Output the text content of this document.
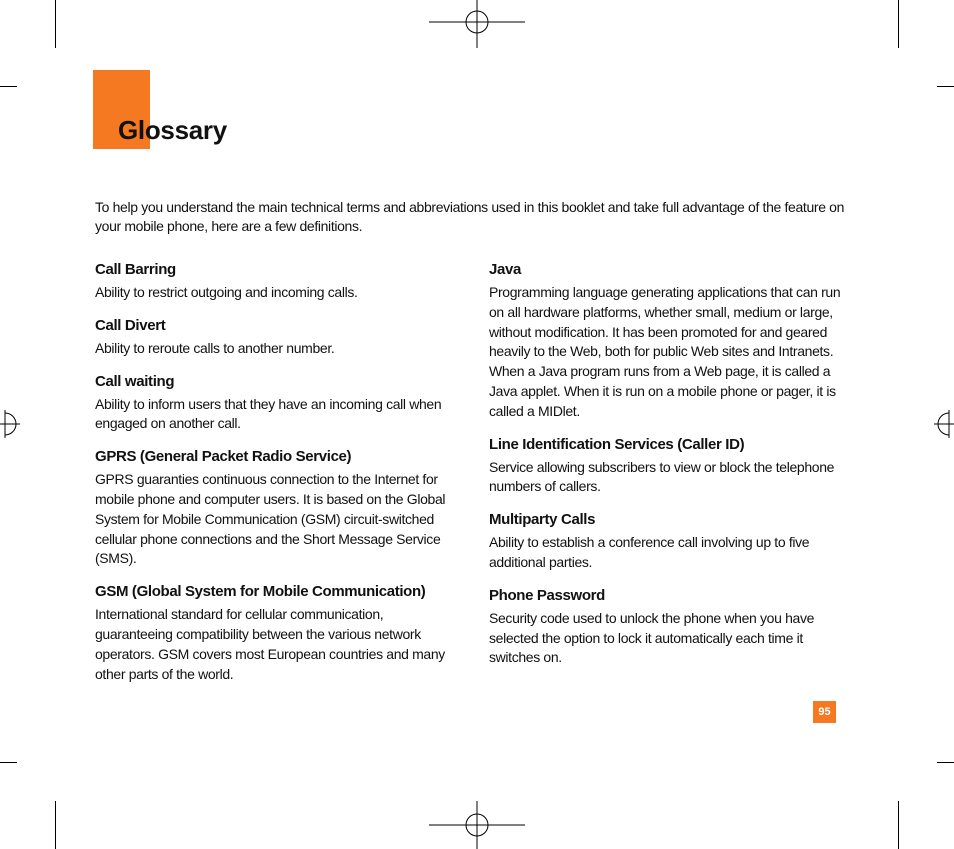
Glossary

To help you understand the main technical terms and abbreviations used in this booklet and take full advantage of the feature on your mobile phone, here are a few definitions.

Call Barring

Ability to restrict outgoing and incoming calls.

Call Divert

Ability to reroute calls to another number.

Call waiting

Ability to inform users that they have an incoming call when engaged on another call.

GPRS (General Packet Radio Service)

GPRS guaranties continuous connection to the Internet for mobile phone and computer users. It is based on the Global System for Mobile Communication (GSM) circuit-switched cellular phone connections and the Short Message Service (SMS).

GSM (Global System for Mobile Communication)

International standard for cellular communication, guaranteeing compatibility between the various network operators. GSM covers most European countries and many other parts of the world.

Java

Programming language generating applications that can run on all hardware platforms, whether small, medium or large, without modification. It has been promoted for and geared heavily to the Web, both for public Web sites and Intranets. When a Java program runs from a Web page, it is called a Java applet. When it is run on a mobile phone or pager, it is called a MIDlet.

Line Identification Services (Caller ID)

Service allowing subscribers to view or block the telephone numbers of callers.

Multiparty Calls

Ability to establish a conference call involving up to five additional parties.

Phone Password

Security code used to unlock the phone when you have selected the option to lock it automatically each time it switches on.

95
